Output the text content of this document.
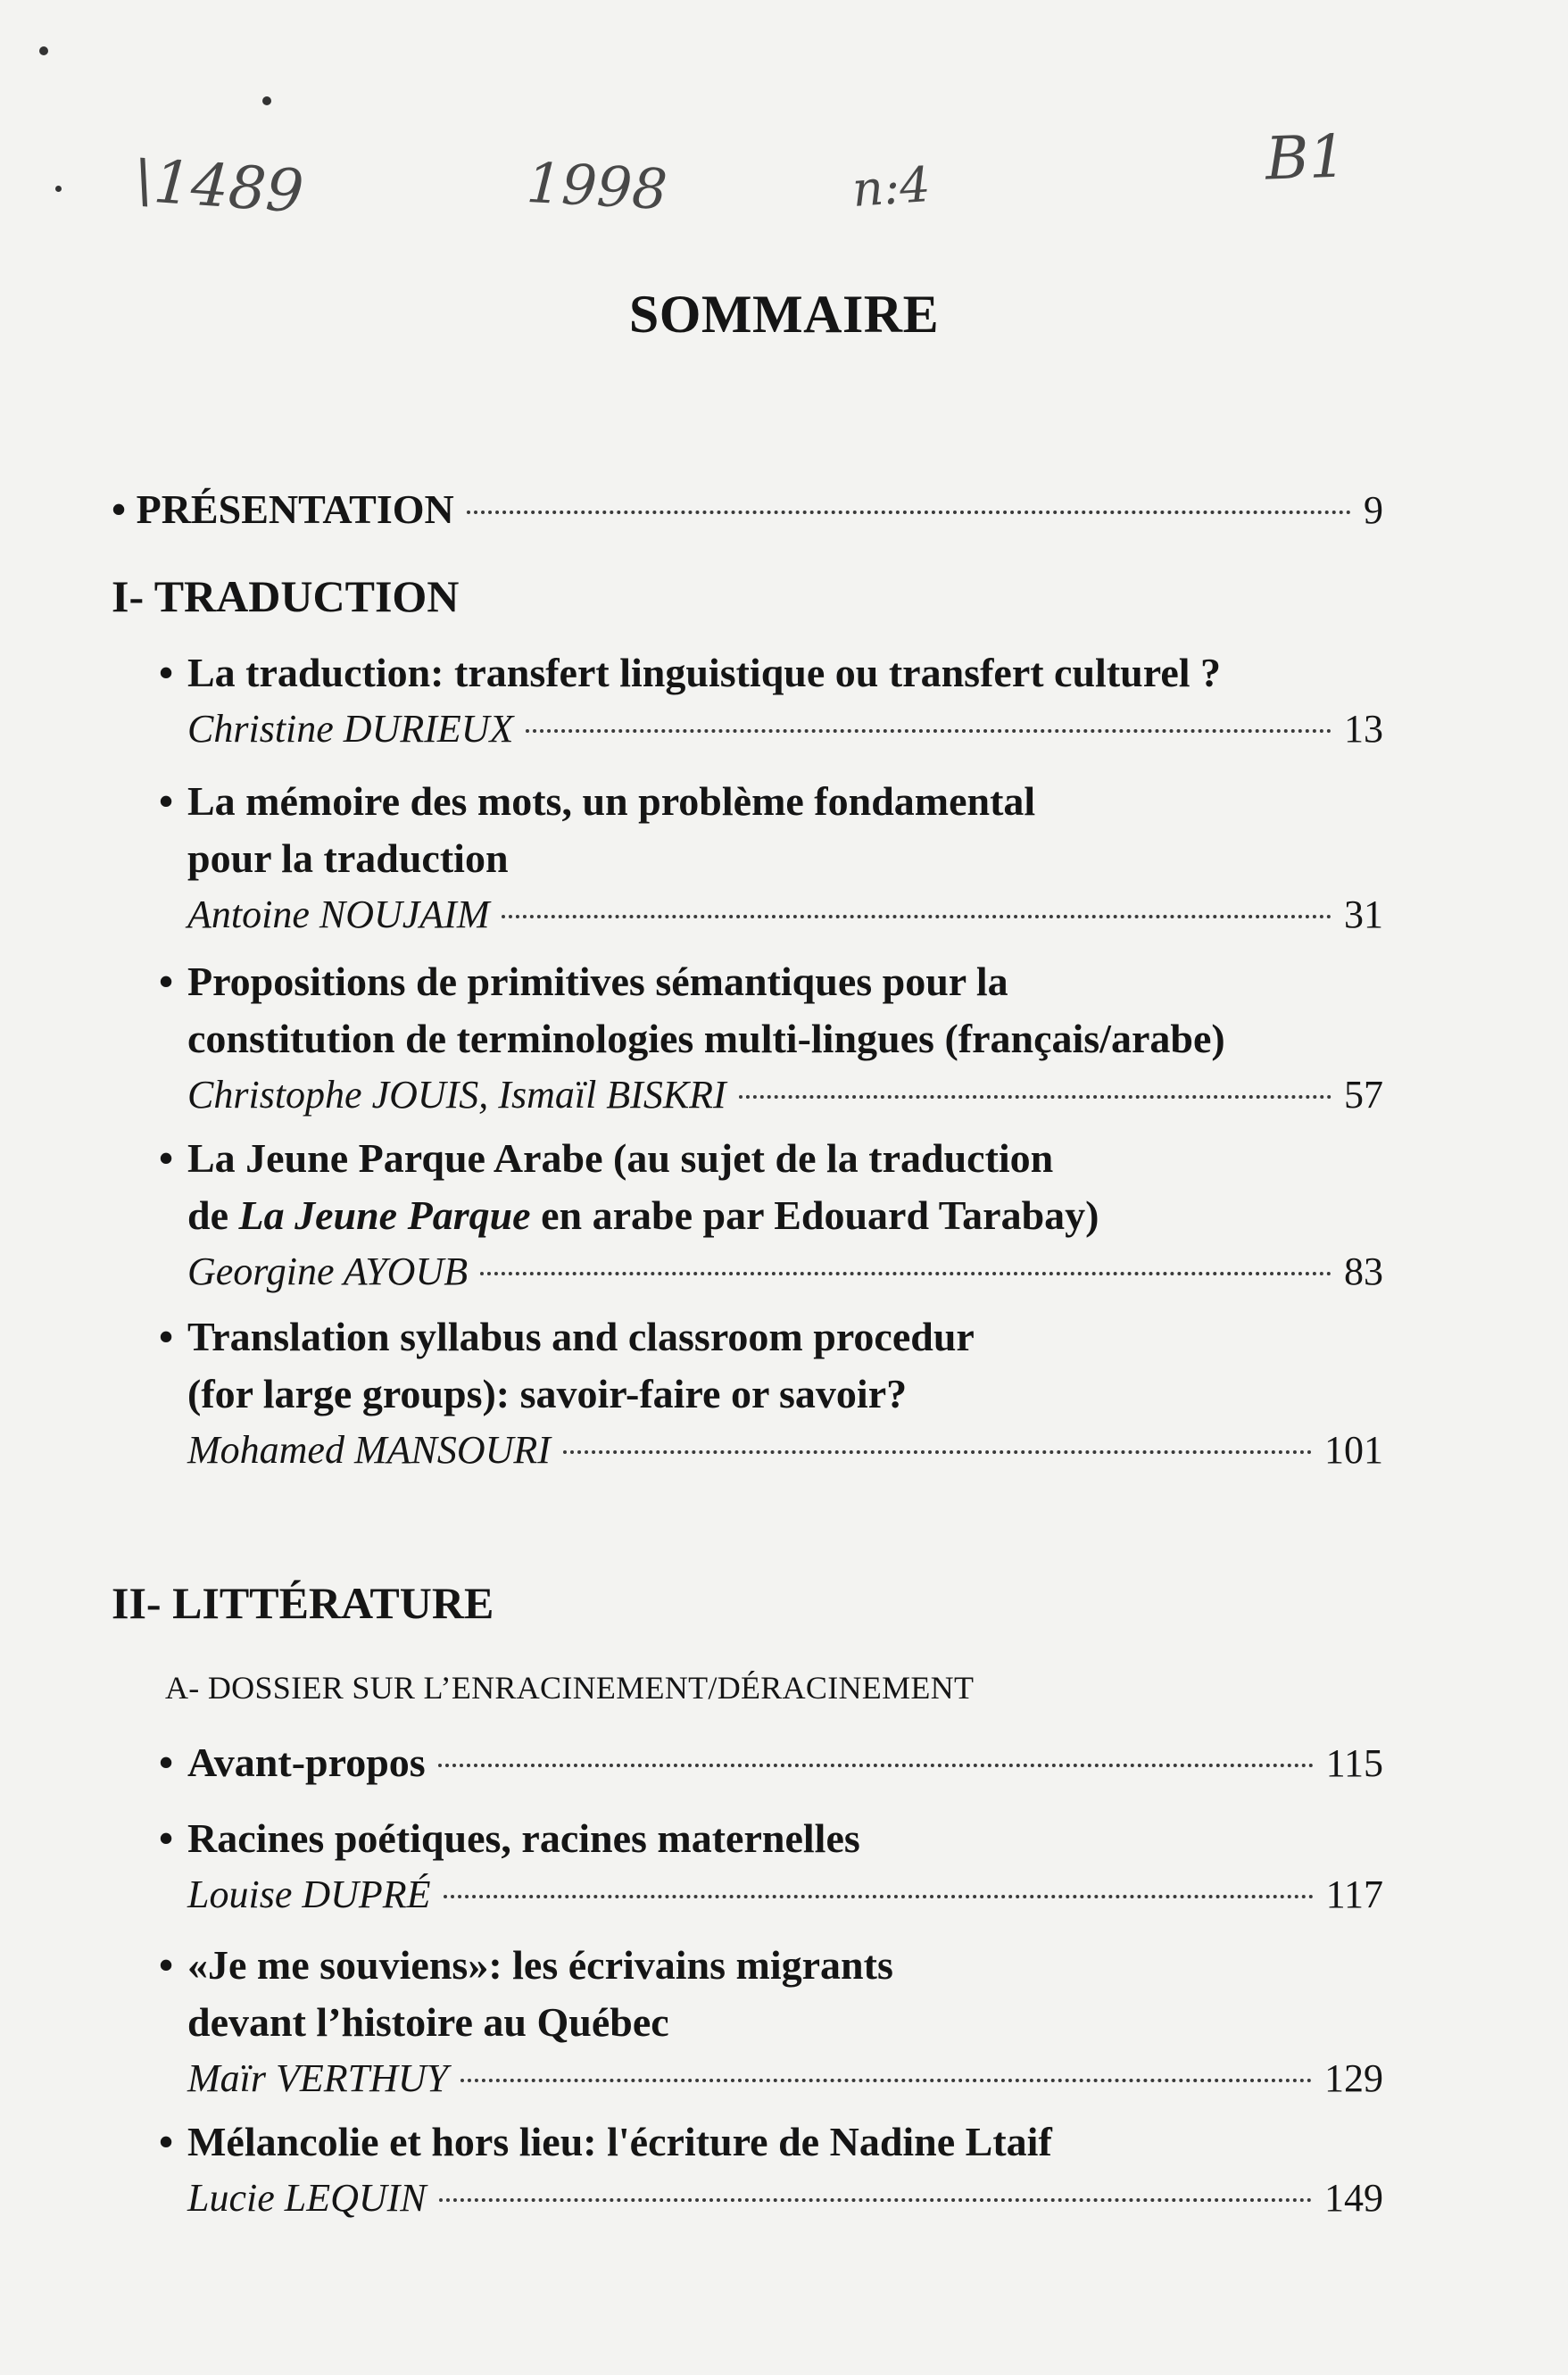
\1489	1998	n:4	B1
SOMMAIRE
• PRÉSENTATION	9
I- TRADUCTION
• La traduction: transfert linguistique ou transfert culturel ?
Christine DURIEUX	13
• La mémoire des mots, un problème fondamental
pour la traduction
Antoine NOUJAIM	31
• Propositions de primitives sémantiques pour la
constitution de terminologies multi-lingues (français/arabe)
Christophe JOUIS, Ismaïl BISKRI	57
• La Jeune Parque Arabe (au sujet de la traduction
de La Jeune Parque en arabe par Edouard Tarabay)
Georgine AYOUB	83
• Translation syllabus and classroom procedur
(for large groups): savoir-faire or savoir?
Mohamed MANSOURI	101
II- LITTÉRATURE
A- DOSSIER SUR L’ENRACINEMENT/DÉRACINEMENT
• Avant-propos	115
• Racines poétiques, racines maternelles
Louise DUPRÉ	117
• «Je me souviens»: les écrivains migrants
devant l’histoire au Québec
Maïr VERTHUY	129
• Mélancolie et hors lieu: l'écriture de Nadine Ltaif
Lucie LEQUIN	149
